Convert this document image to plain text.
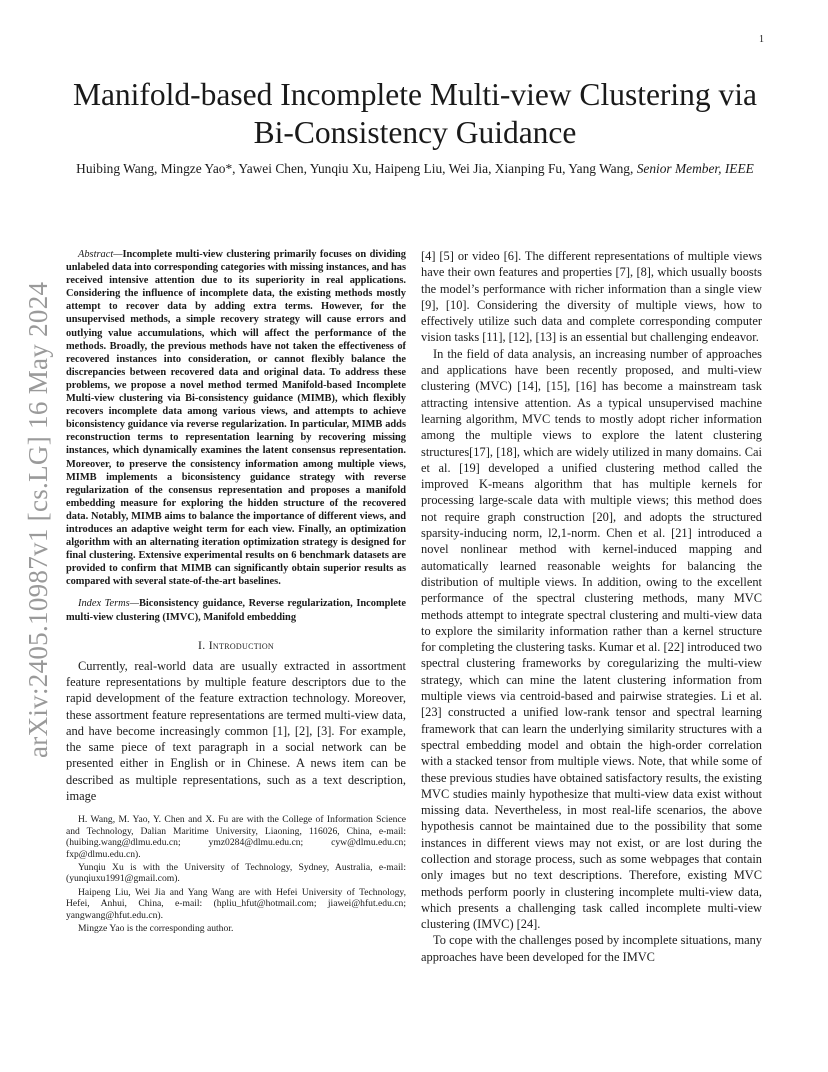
1
arXiv:2405.10987v1 [cs.LG] 16 May 2024
Manifold-based Incomplete Multi-view Clustering via Bi-Consistency Guidance
Huibing Wang, Mingze Yao*, Yawei Chen, Yunqiu Xu, Haipeng Liu, Wei Jia, Xianping Fu, Yang Wang, Senior Member, IEEE

Abstract—Incomplete multi-view clustering primarily focuses on dividing unlabeled data into corresponding categories with missing instances, and has received intensive attention due to its superiority in real applications. Considering the influence of incomplete data, the existing methods mostly attempt to recover data by adding extra terms. However, for the unsupervised methods, a simple recovery strategy will cause errors and outlying value accumulations, which will affect the performance of the methods. Broadly, the previous methods have not taken the effectiveness of recovered instances into consideration, or cannot flexibly balance the discrepancies between recovered data and original data. To address these problems, we propose a novel method termed Manifold-based Incomplete Multi-view clustering via Bi-consistency guidance (MIMB), which flexibly recovers incomplete data among various views, and attempts to achieve biconsistency guidance via reverse regularization. In particular, MIMB adds reconstruction terms to representation learning by recovering missing instances, which dynamically examines the latent consensus representation. Moreover, to preserve the consistency information among multiple views, MIMB implements a biconsistency guidance strategy with reverse regularization of the consensus representation and proposes a manifold embedding measure for exploring the hidden structure of the recovered data. Notably, MIMB aims to balance the importance of different views, and introduces an adaptive weight term for each view. Finally, an optimization algorithm with an alternating iteration optimization strategy is designed for final clustering. Extensive experimental results on 6 benchmark datasets are provided to confirm that MIMB can significantly obtain superior results as compared with several state-of-the-art baselines.

Index Terms—Biconsistency guidance, Reverse regularization, Incomplete multi-view clustering (IMVC), Manifold embedding

I. Introduction

Currently, real-world data are usually extracted in assortment feature representations by multiple feature descriptors due to the rapid development of the feature extraction technology. Moreover, these assortment feature representations are termed multi-view data, and have become increasingly common [1], [2], [3]. For example, the same piece of text paragraph in a social network can be presented either in English or in Chinese. A news item can be described as multiple representations, such as a text description, image

H. Wang, M. Yao, Y. Chen and X. Fu are with the College of Information Science and Technology, Dalian Maritime University, Liaoning, 116026, China, e-mail: (huibing.wang@dlmu.edu.cn; ymz0284@dlmu.edu.cn; cyw@dlmu.edu.cn; fxp@dlmu.edu.cn).

Yunqiu Xu is with the University of Technology, Sydney, Australia, e-mail: (yunqiuxu1991@gmail.com).

Haipeng Liu, Wei Jia and Yang Wang are with Hefei University of Technology, Hefei, Anhui, China, e-mail: (hpliu_hfut@hotmail.com; jiawei@hfut.edu.cn; yangwang@hfut.edu.cn).

Mingze Yao is the corresponding author.

[4] [5] or video [6]. The different representations of multiple views have their own features and properties [7], [8], which usually boosts the model’s performance with richer information than a single view [9], [10]. Considering the diversity of multiple views, how to effectively utilize such data and complete corresponding computer vision tasks [11], [12], [13] is an essential but challenging endeavor.

In the field of data analysis, an increasing number of approaches and applications have been recently proposed, and multi-view clustering (MVC) [14], [15], [16] has become a mainstream task attracting intensive attention. As a typical unsupervised machine learning algorithm, MVC tends to mostly adopt richer information among the multiple views to explore the latent clustering structures[17], [18], which are widely utilized in many domains. Cai et al. [19] developed a unified clustering method called the improved K-means algorithm that has multiple kernels for processing large-scale data with multiple views; this method does not require graph construction [20], and adopts the structured sparsity-inducing norm, l2,1-norm. Chen et al. [21] introduced a novel nonlinear method with kernel-induced mapping and automatically learned reasonable weights for balancing the distribution of multiple views. In addition, owing to the excellent performance of the spectral clustering methods, many MVC methods attempt to integrate spectral clustering and multi-view data to explore the similarity information rather than a kernel structure for completing the clustering tasks. Kumar et al. [22] introduced two spectral clustering frameworks by coregularizing the multi-view strategy, which can mine the latent clustering information from multiple views via centroid-based and pairwise strategies. Li et al. [23] constructed a unified low-rank tensor and spectral learning framework that can learn the underlying similarity structures with a spectral embedding model and obtain the high-order correlation with a stacked tensor from multiple views. Note, that while some of these previous studies have obtained satisfactory results, the existing MVC studies mainly hypothesize that multi-view data exist without missing data. Nevertheless, in most real-life scenarios, the above hypothesis cannot be maintained due to the possibility that some instances in different views may not exist, or are lost during the collection and storage process, such as some webpages that contain only images but no text descriptions. Therefore, existing MVC methods perform poorly in clustering incomplete multi-view data, which presents a challenging task called incomplete multi-view clustering (IMVC) [24].

To cope with the challenges posed by incomplete situations, many approaches have been developed for the IMVC
